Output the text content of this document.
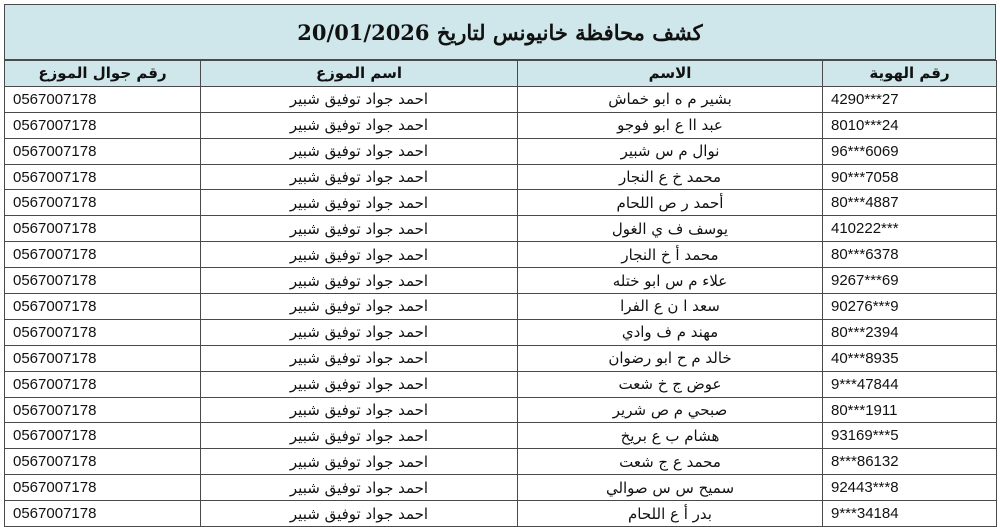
كشف محافظة خانيونس لتاريخ 20/01/2026
رقم جوال الموزع	اسم الموزع	الاسم	رقم الهوية
0567007178	احمد جواد توفيق شبير	بشير م ه ابو خماش	4290***27
0567007178	احمد جواد توفيق شبير	عبد اا ع ابو فوجو	8010***24
0567007178	احمد جواد توفيق شبير	نوال م س شبير	96***6069
0567007178	احمد جواد توفيق شبير	محمد خ ع النجار	90***7058
0567007178	احمد جواد توفيق شبير	أحمد ر ص اللحام	80***4887
0567007178	احمد جواد توفيق شبير	يوسف ف ي الغول	410222***
0567007178	احمد جواد توفيق شبير	محمد أ خ النجار	80***6378
0567007178	احمد جواد توفيق شبير	علاء م س ابو ختله	9267***69
0567007178	احمد جواد توفيق شبير	سعد ا ن ع الفرا	90276***9
0567007178	احمد جواد توفيق شبير	مهند م ف وادي	80***2394
0567007178	احمد جواد توفيق شبير	خالد م ح ابو رضوان	40***8935
0567007178	احمد جواد توفيق شبير	عوض ج خ شعت	9***47844
0567007178	احمد جواد توفيق شبير	صبحي م ص شرير	80***1911
0567007178	احمد جواد توفيق شبير	هشام ب ع بريخ	93169***5
0567007178	احمد جواد توفيق شبير	محمد ع ج شعت	8***86132
0567007178	احمد جواد توفيق شبير	سميح س س صوالي	92443***8
0567007178	احمد جواد توفيق شبير	بدر أ ع اللحام	9***34184
